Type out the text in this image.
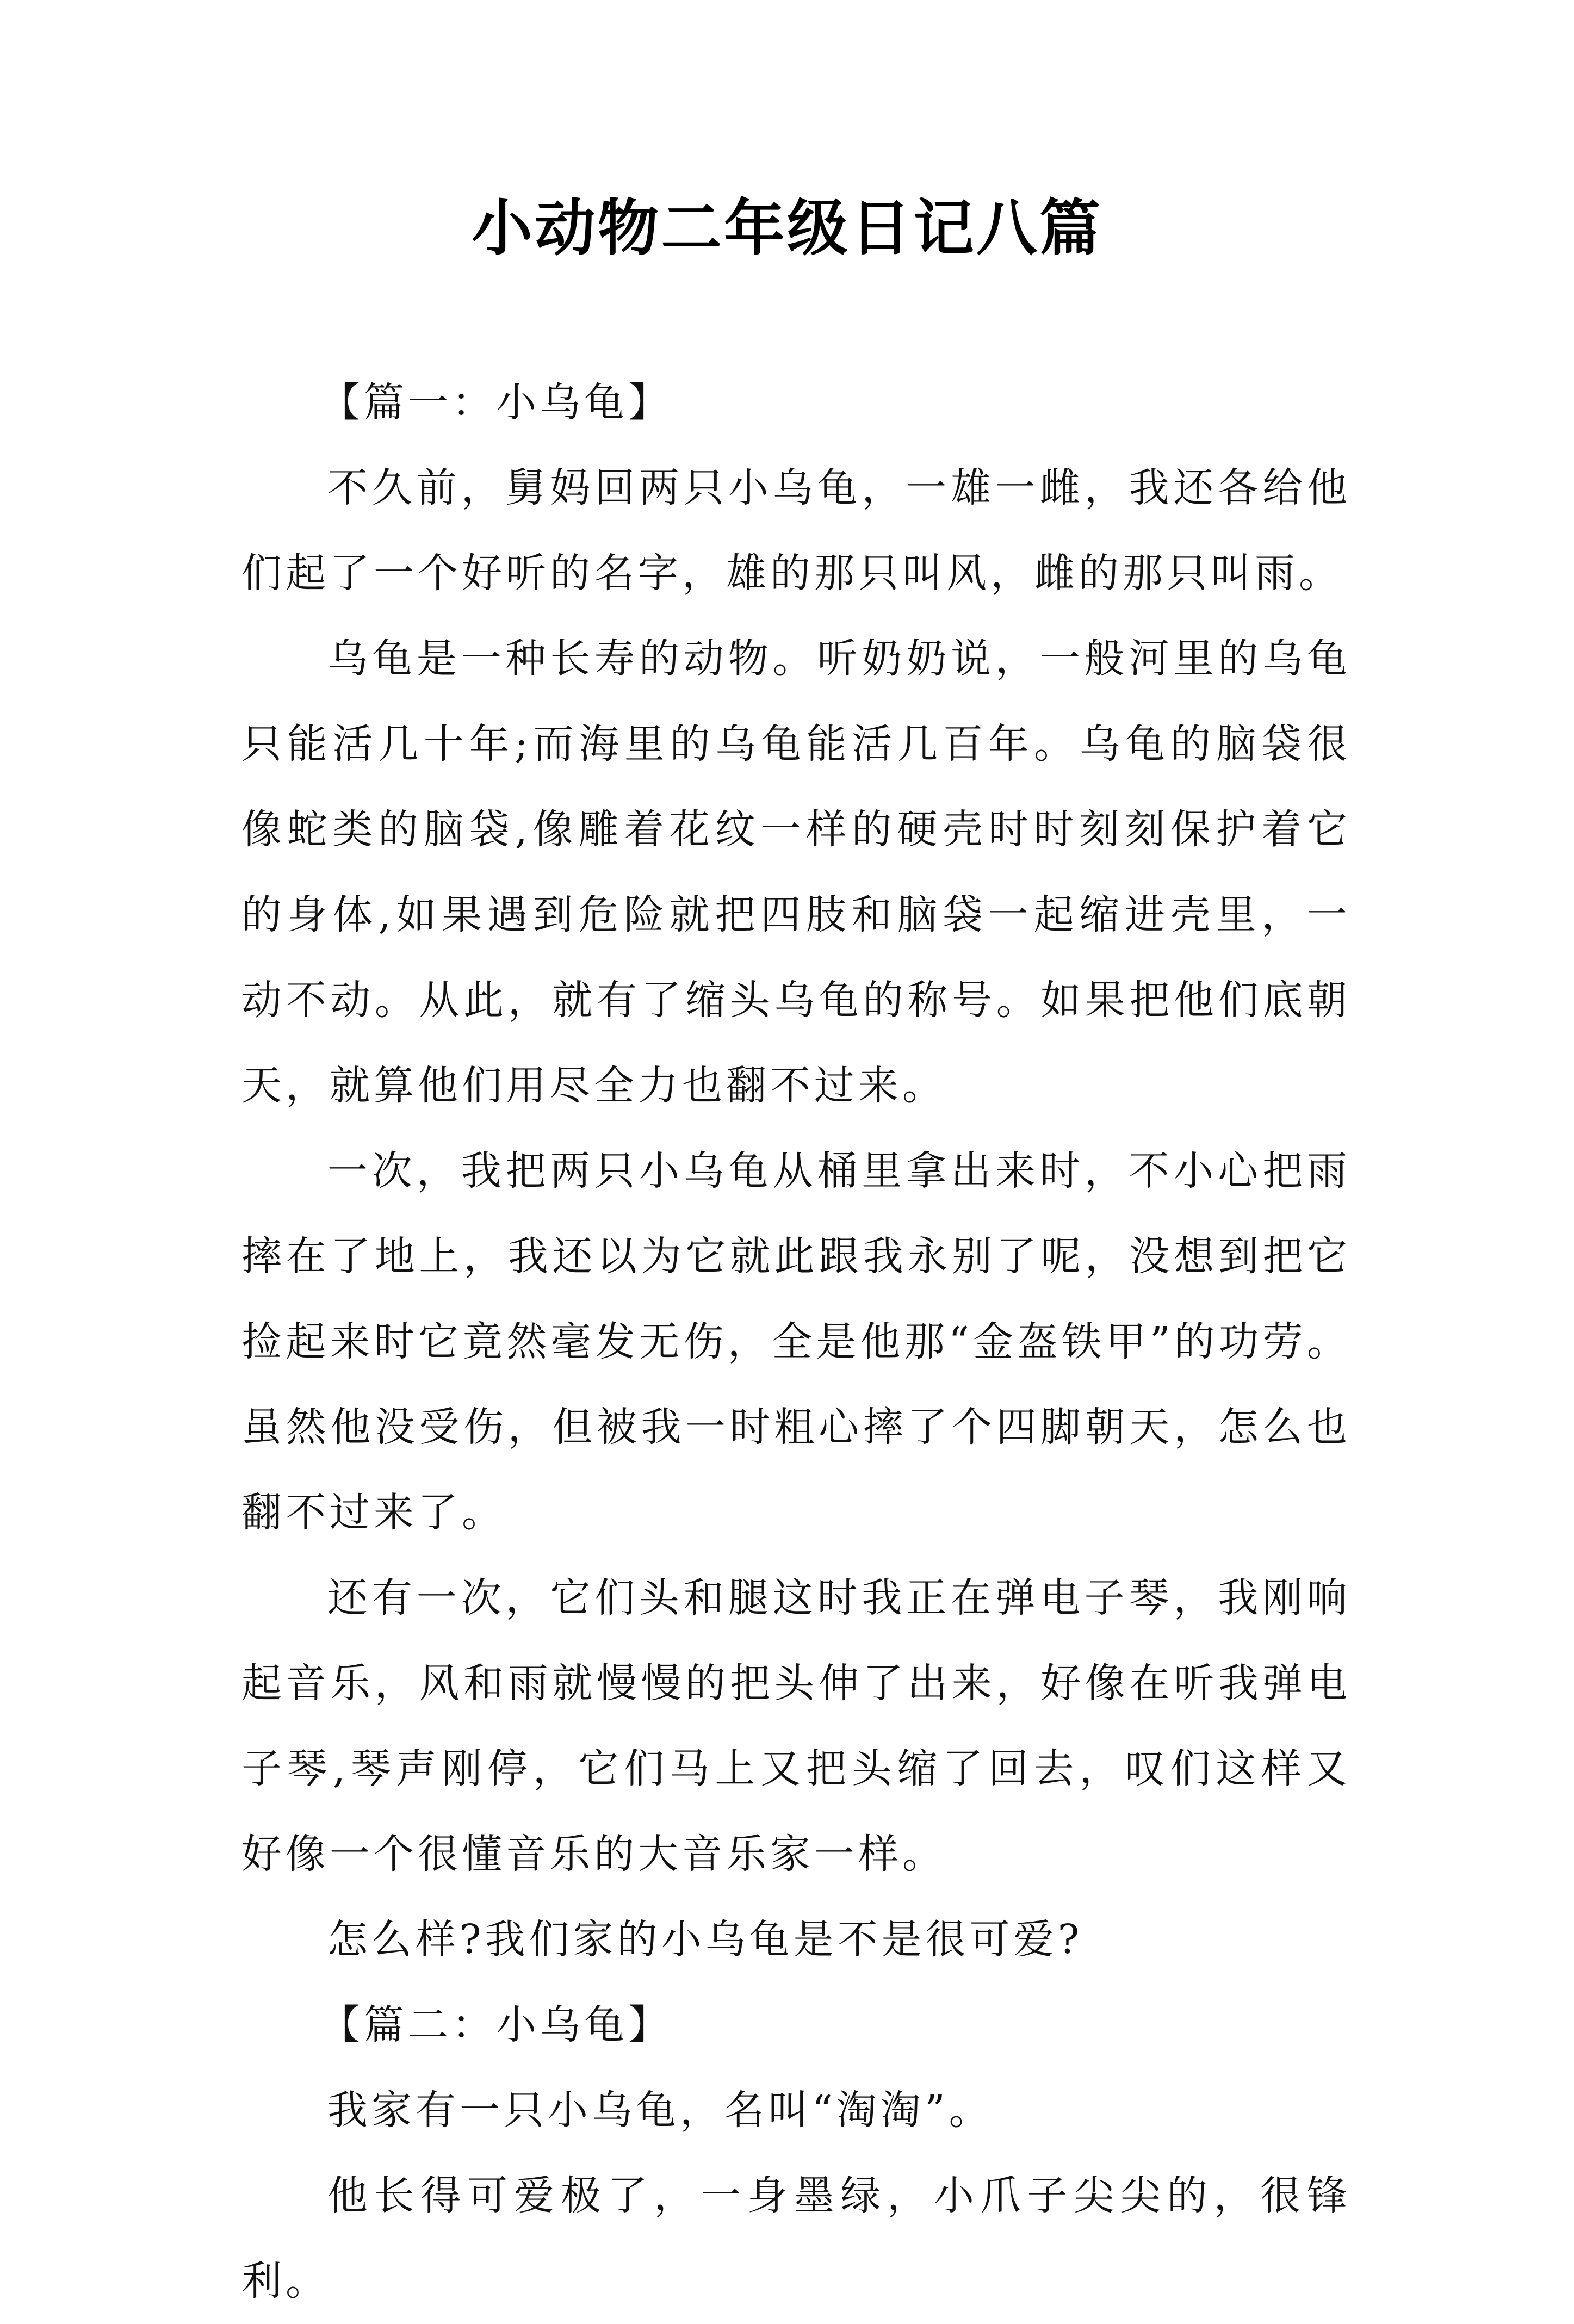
小动物二年级日记八篇

【篇一：小乌龟】

不久前，舅妈回两只小乌龟，一雄一雌，我还各给他们起了一个好听的名字，雄的那只叫风，雌的那只叫雨。

乌龟是一种长寿的动物。听奶奶说，一般河里的乌龟只能活几十年;而海里的乌龟能活几百年。乌龟的脑袋很像蛇类的脑袋,像雕着花纹一样的硬壳时时刻刻保护着它的身体,如果遇到危险就把四肢和脑袋一起缩进壳里，一动不动。从此，就有了缩头乌龟的称号。如果把他们底朝天，就算他们用尽全力也翻不过来。

一次，我把两只小乌龟从桶里拿出来时，不小心把雨摔在了地上，我还以为它就此跟我永别了呢，没想到把它捡起来时它竟然毫发无伤，全是他那“金盔铁甲”的功劳。虽然他没受伤，但被我一时粗心摔了个四脚朝天，怎么也翻不过来了。

还有一次，它们头和腿这时我正在弹电子琴，我刚响起音乐，风和雨就慢慢的把头伸了出来，好像在听我弹电子琴,琴声刚停，它们马上又把头缩了回去，叹们这样又好像一个很懂音乐的大音乐家一样。

怎么样?我们家的小乌龟是不是很可爱?

【篇二：小乌龟】

我家有一只小乌龟，名叫“淘淘”。

他长得可爱极了，一身墨绿，小爪子尖尖的，很锋利。
